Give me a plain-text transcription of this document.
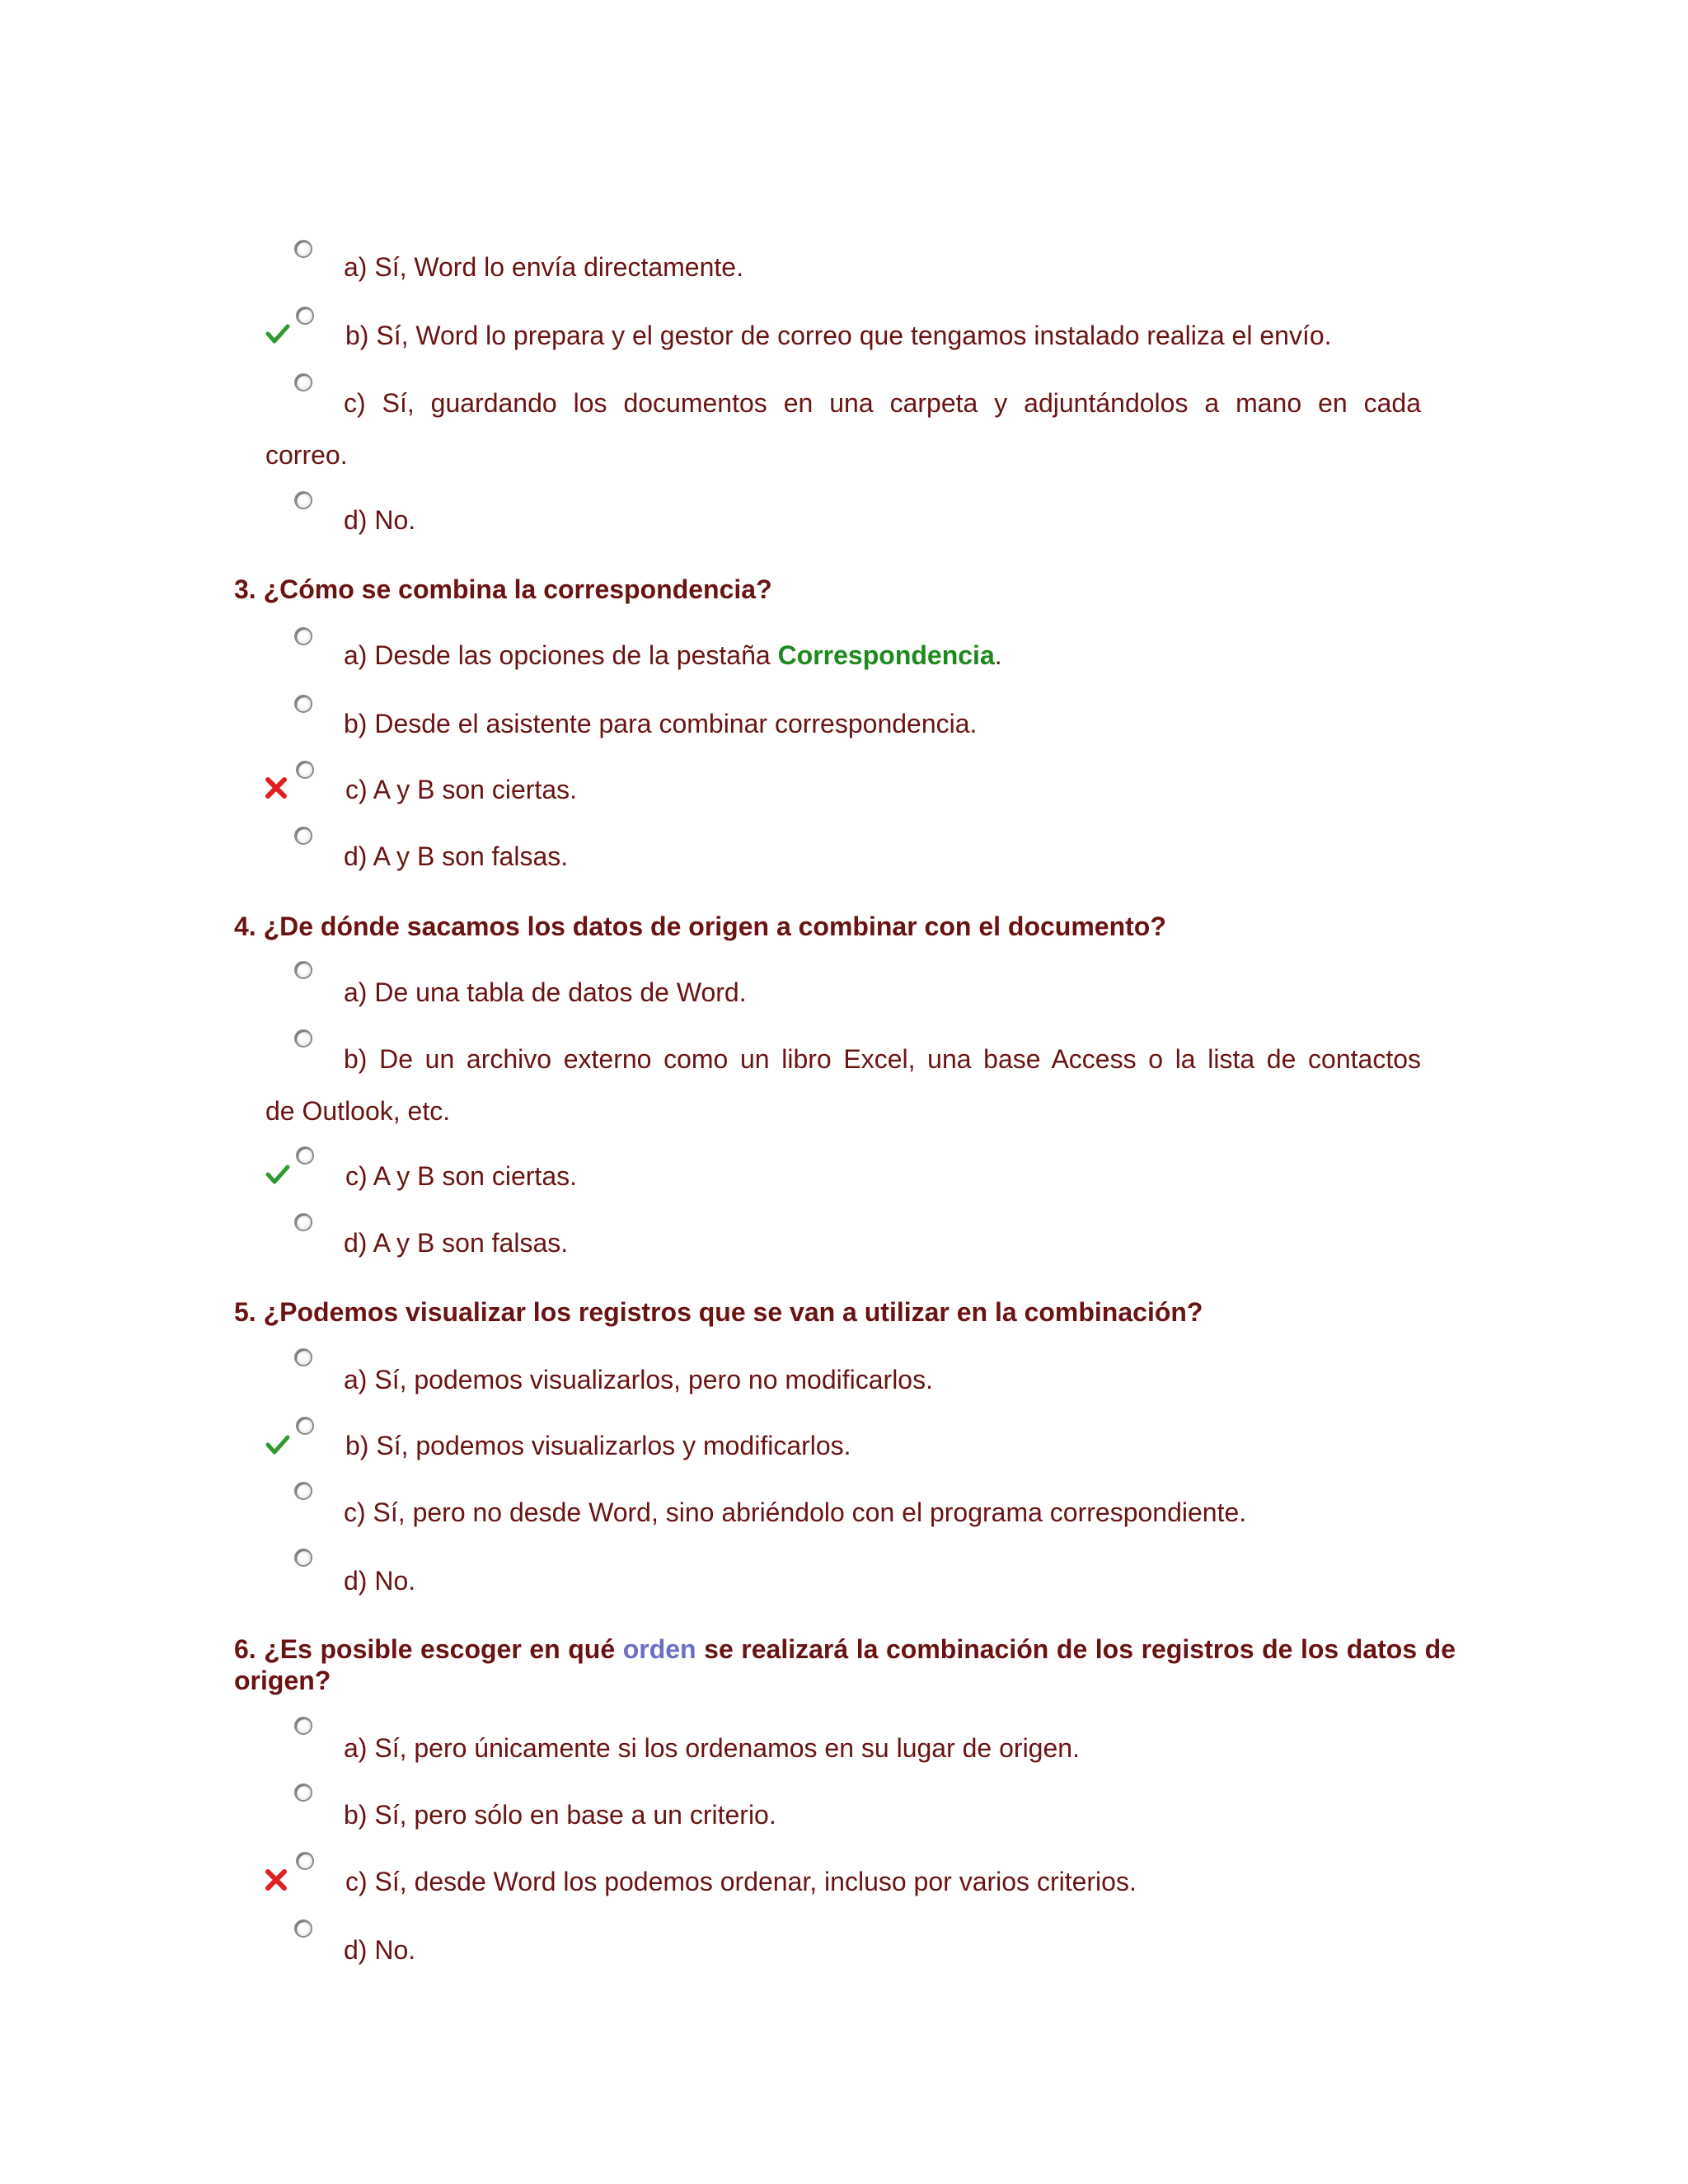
a) Sí, Word lo envía directamente.
b) Sí, Word lo prepara y el gestor de correo que tengamos instalado realiza el envío.
c) Sí, guardando los documentos en una carpeta y adjuntándolos a mano en cada
correo.
d) No.
3. ¿Cómo se combina la correspondencia?
a) Desde las opciones de la pestaña Correspondencia.
b) Desde el asistente para combinar correspondencia.
c) A y B son ciertas.
d) A y B son falsas.
4. ¿De dónde sacamos los datos de origen a combinar con el documento?
a) De una tabla de datos de Word.
b) De un archivo externo como un libro Excel, una base Access o la lista de contactos
de Outlook, etc.
c) A y B son ciertas.
d) A y B son falsas.
5. ¿Podemos visualizar los registros que se van a utilizar en la combinación?
a) Sí, podemos visualizarlos, pero no modificarlos.
b) Sí, podemos visualizarlos y modificarlos.
c) Sí, pero no desde Word, sino abriéndolo con el programa correspondiente.
d) No.
6. ¿Es posible escoger en qué orden se realizará la combinación de los registros de los datos de origen?
a) Sí, pero únicamente si los ordenamos en su lugar de origen.
b) Sí, pero sólo en base a un criterio.
c) Sí, desde Word los podemos ordenar, incluso por varios criterios.
d) No.
